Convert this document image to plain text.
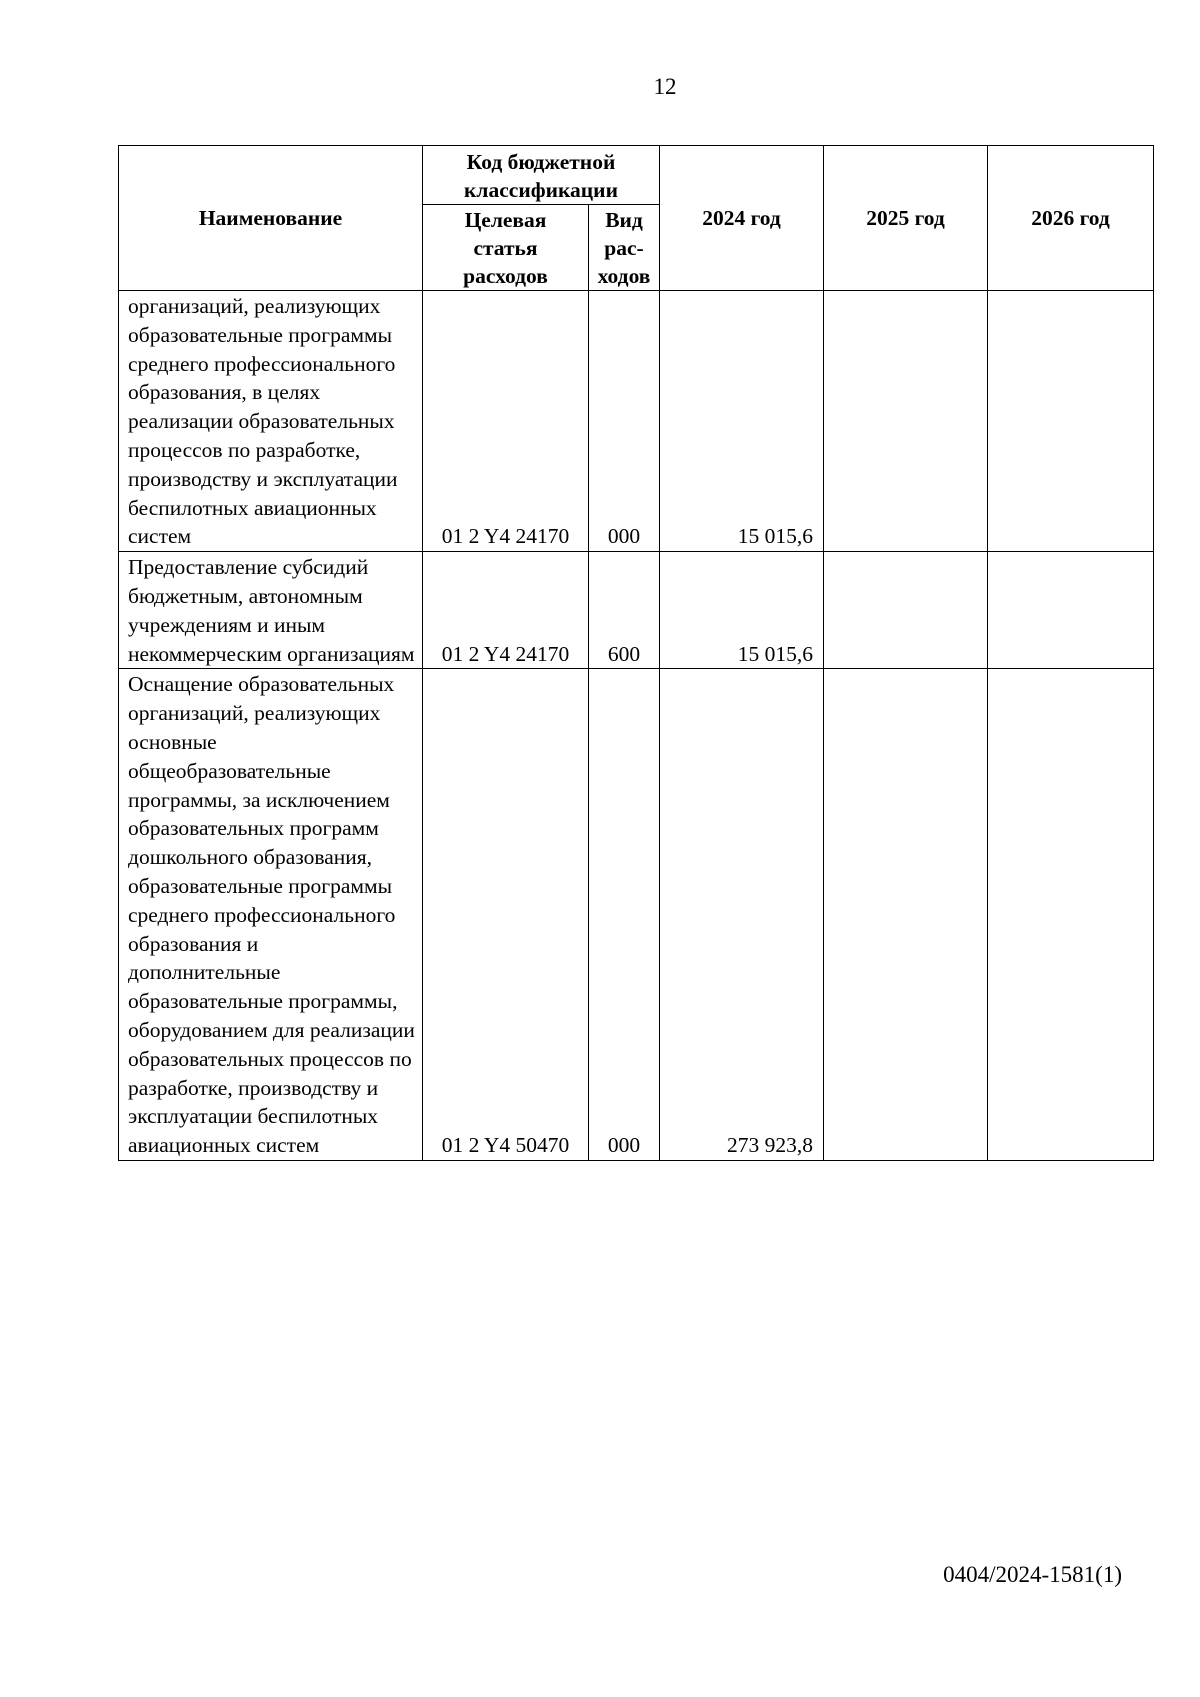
12
Наименование	Код бюджетной классификации		2024 год	2025 год	2026 год
	Целевая статья расходов	Вид рас-ходов			
организаций, реализующих образовательные программы среднего профессионального образования, в целях реализации образовательных процессов по разработке, производству и эксплуатации беспилотных авиационных систем	01 2 Y4 24170	000	15 015,6		
Предоставление субсидий бюджетным, автономным учреждениям и иным некоммерческим организациям	01 2 Y4 24170	600	15 015,6		
Оснащение образовательных организаций, реализующих основные общеобразовательные программы, за исключением образовательных программ дошкольного образования, образовательные программы среднего профессионального образования и дополнительные образовательные программы, оборудованием для реализации образовательных процессов по разработке, производству и эксплуатации беспилотных авиационных систем	01 2 Y4 50470	000	273 923,8		
0404/2024-1581(1)
